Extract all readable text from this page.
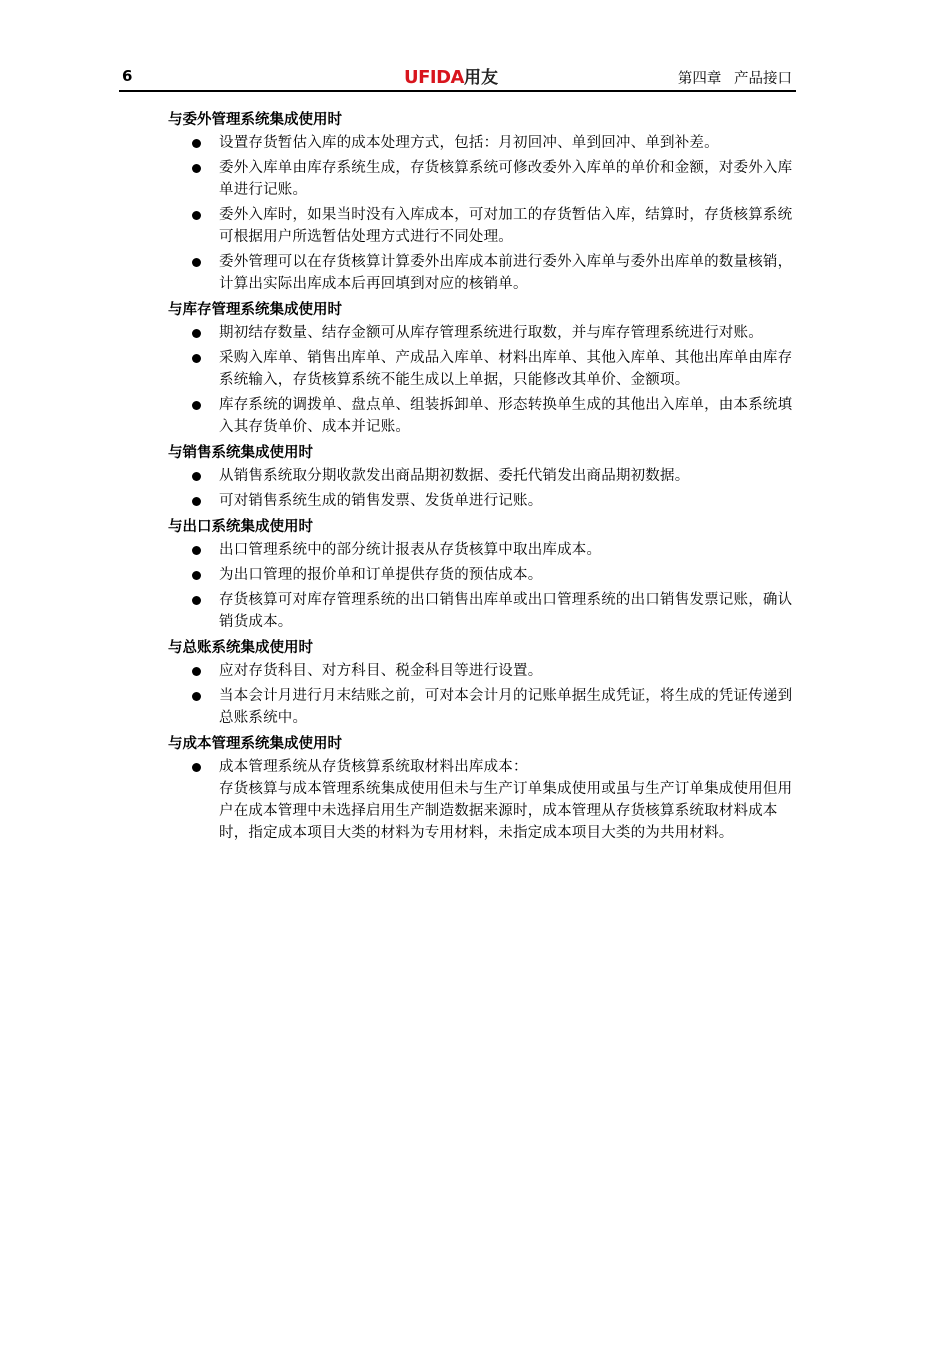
6	UFIDA用友	第四章 产品接口
与委外管理系统集成使用时
设置存货暂估入库的成本处理方式，包括：月初回冲、单到回冲、单到补差。
委外入库单由库存系统生成，存货核算系统可修改委外入库单的单价和金额，对委外入库单进行记账。
委外入库时，如果当时没有入库成本，可对加工的存货暂估入库，结算时，存货核算系统可根据用户所选暂估处理方式进行不同处理。
委外管理可以在存货核算计算委外出库成本前进行委外入库单与委外出库单的数量核销，计算出实际出库成本后再回填到对应的核销单。
与库存管理系统集成使用时
期初结存数量、结存金额可从库存管理系统进行取数，并与库存管理系统进行对账。
采购入库单、销售出库单、产成品入库单、材料出库单、其他入库单、其他出库单由库存系统输入，存货核算系统不能生成以上单据，只能修改其单价、金额项。
库存系统的调拨单、盘点单、组装拆卸单、形态转换单生成的其他出入库单，由本系统填入其存货单价、成本并记账。
与销售系统集成使用时
从销售系统取分期收款发出商品期初数据、委托代销发出商品期初数据。
可对销售系统生成的销售发票、发货单进行记账。
与出口系统集成使用时
出口管理系统中的部分统计报表从存货核算中取出库成本。
为出口管理的报价单和订单提供存货的预估成本。
存货核算可对库存管理系统的出口销售出库单或出口管理系统的出口销售发票记账，确认销货成本。
与总账系统集成使用时
应对存货科目、对方科目、税金科目等进行设置。
当本会计月进行月末结账之前，可对本会计月的记账单据生成凭证，将生成的凭证传递到总账系统中。
与成本管理系统集成使用时
成本管理系统从存货核算系统取材料出库成本：
存货核算与成本管理系统集成使用但未与生产订单集成使用或虽与生产订单集成使用但用户在成本管理中未选择启用生产制造数据来源时，成本管理从存货核算系统取材料成本时，指定成本项目大类的材料为专用材料，未指定成本项目大类的为共用材料。
